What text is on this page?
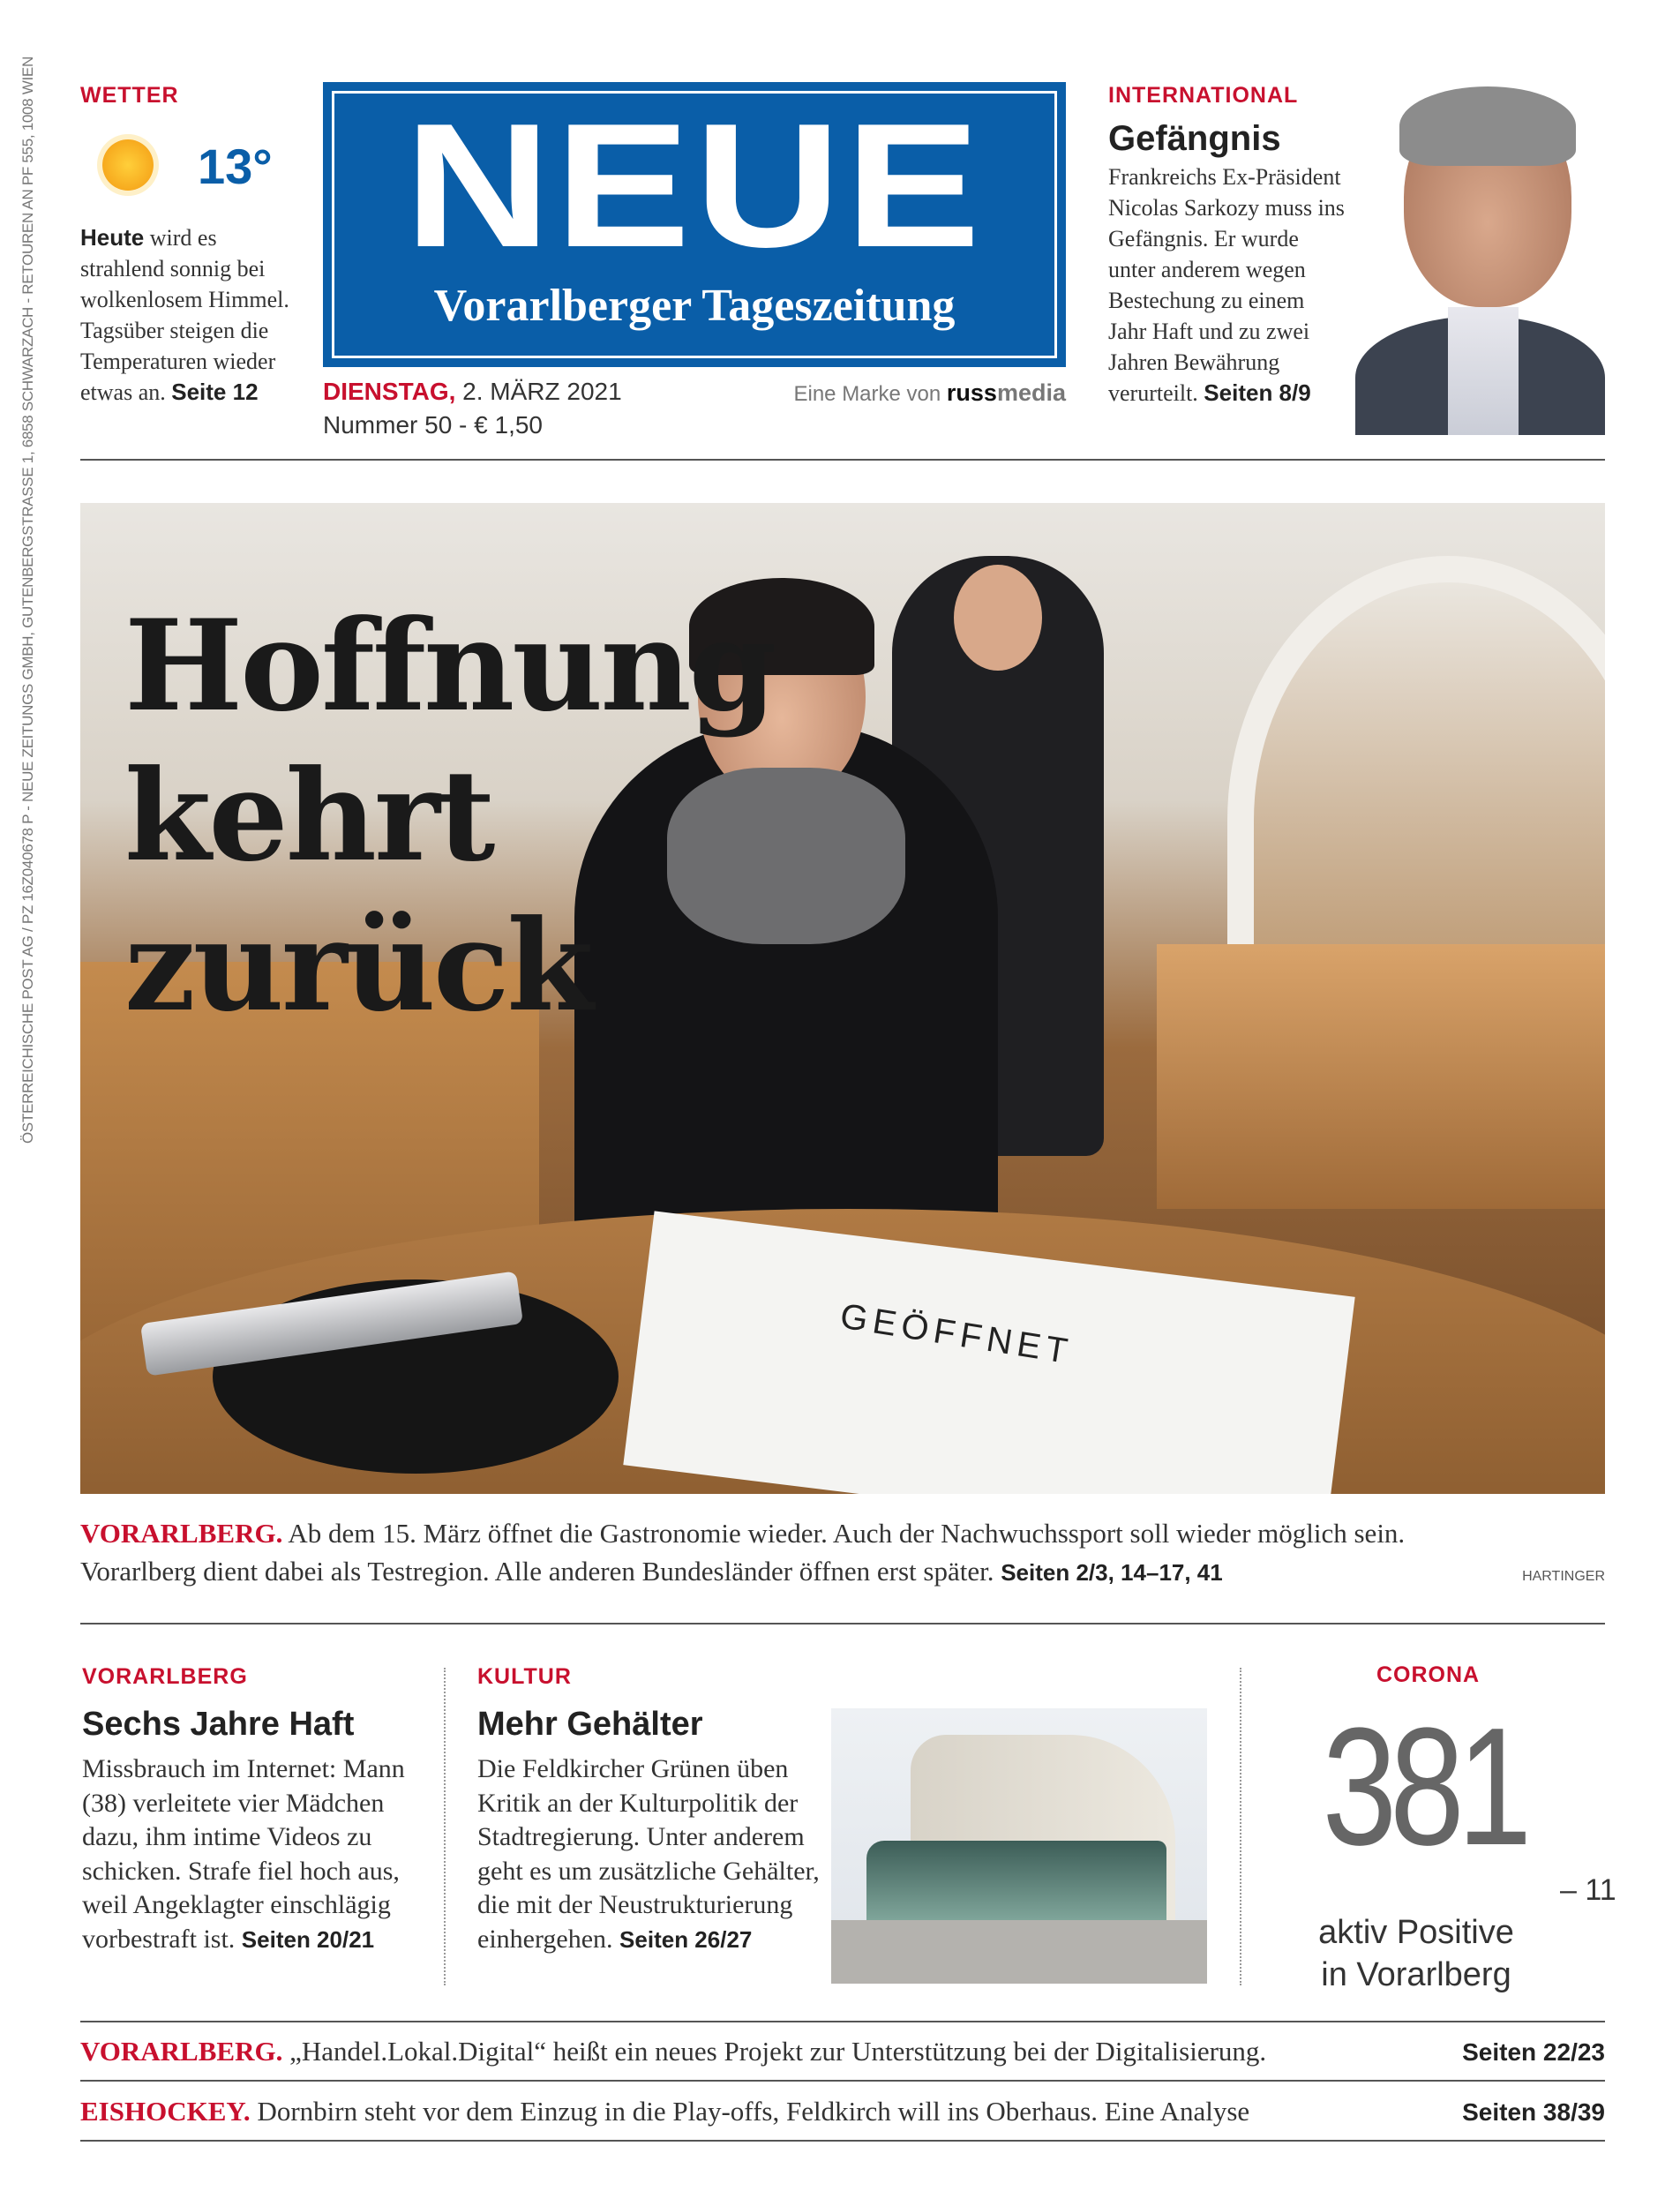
ÖSTERREICHISCHE POST AG / PZ 16Z040678 P - NEUE ZEITUNGS GMBH, GUTENBERGSTRASSE 1, 6858 SCHWARZACH - RETOUREN AN PF 555, 1008 WIEN WETTER
13°
Heute wird es strahlend sonnig bei wolkenlosem Himmel. Tagsüber steigen die Temperaturen wieder etwas an. Seite 12
NEUE
Vorarlberger Tageszeitung
DIENSTAG, 2. MÄRZ 2021
Nummer 50 - € 1,50
Eine Marke von russmedia
INTERNATIONAL
Gefängnis
Frankreichs Ex-Präsident Nicolas Sarkozy muss ins Gefängnis. Er wurde unter anderem wegen Bestechung zu einem Jahr Haft und zu zwei Jahren Bewährung verurteilt. Seiten 8/9
GEÖFFNET
Hoffnung
kehrt
zurück
VORARLBERG. Ab dem 15. März öffnet die Gastronomie wieder. Auch der Nachwuchssport soll wieder möglich sein. Vorarlberg dient dabei als Testregion. Alle anderen Bundesländer öffnen erst später. Seiten 2/3, 14–17, 41	HARTINGER
VORARLBERG
Sechs Jahre Haft
Missbrauch im Internet: Mann (38) verleitete vier Mädchen dazu, ihm intime Videos zu schicken. Strafe fiel hoch aus, weil Angeklagter einschlägig vorbestraft ist. Seiten 20/21
KULTUR
Mehr Gehälter
Die Feldkircher Grünen üben Kritik an der Kulturpolitik der Stadtregierung. Unter anderem geht es um zusätzliche Gehälter, die mit der Neustrukturierung einhergehen. Seiten 26/27
CORONA
381
– 11
aktiv Positive
in Vorarlberg
VORARLBERG. „Handel.Lokal.Digital“ heißt ein neues Projekt zur Unterstützung bei der Digitalisierung.	Seiten 22/23
EISHOCKEY. Dornbirn steht vor dem Einzug in die Play-offs, Feldkirch will ins Oberhaus. Eine Analyse	Seiten 38/39
